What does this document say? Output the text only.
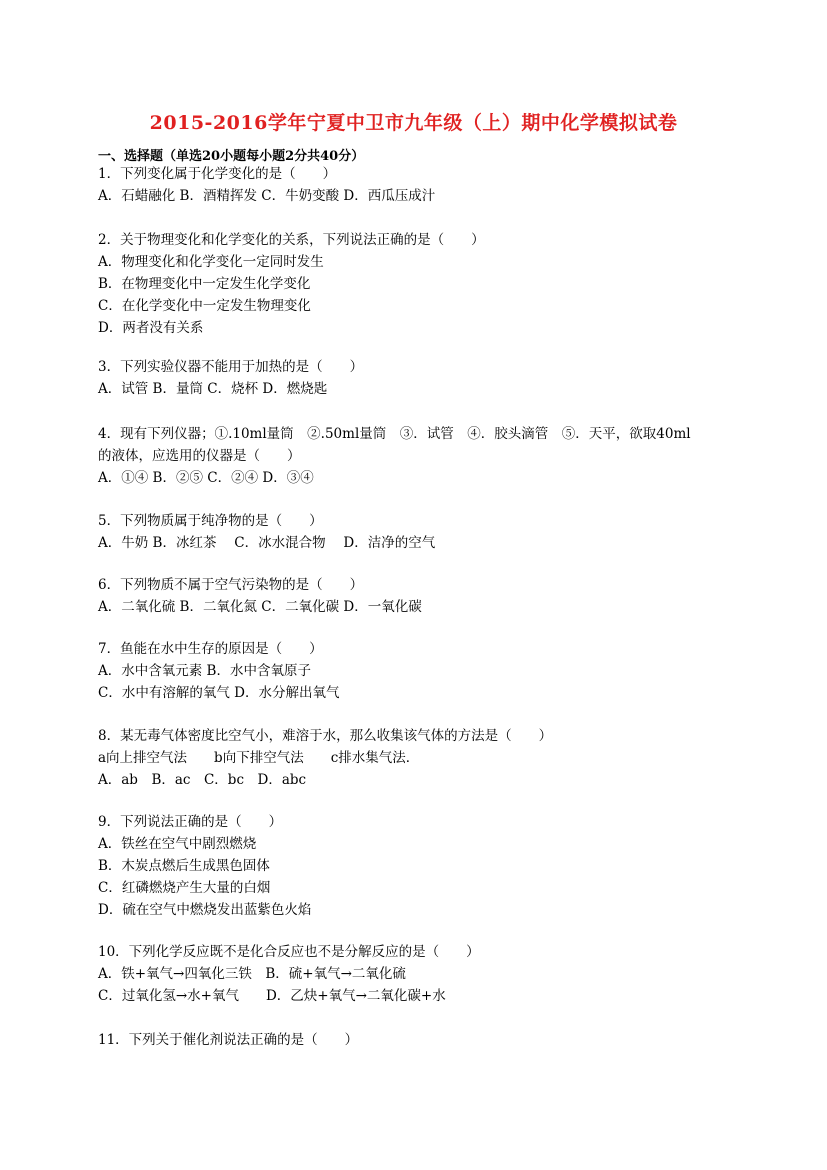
2015-2016学年宁夏中卫市九年级（上）期中化学模拟试卷
一、选择题（单选20小题每小题2分共40分）
1．下列变化属于化学变化的是（　　）
A．石蜡融化 B．酒精挥发 C．牛奶变酸 D．西瓜压成汁
2．关于物理变化和化学变化的关系，下列说法正确的是（　　）
A．物理变化和化学变化一定同时发生
B．在物理变化中一定发生化学变化
C．在化学变化中一定发生物理变化
D．两者没有关系
3．下列实验仪器不能用于加热的是（　　）
A．试管 B．量筒 C．烧杯 D．燃烧匙
4．现有下列仪器；①.10ml量筒　②.50ml量筒　③．试管　④．胶头滴管　⑤．天平，欲取40ml
的液体，应选用的仪器是（　　）
A．①④ B．②⑤ C．②④ D．③④
5．下列物质属于纯净物的是（　　）
A．牛奶 B．冰红茶　 C．冰水混合物　 D．洁净的空气
6．下列物质不属于空气污染物的是（　　）
A．二氧化硫 B．二氧化氮 C．二氧化碳 D．一氧化碳
7．鱼能在水中生存的原因是（　　）
A．水中含氧元素 B．水中含氧原子
C．水中有溶解的氧气 D．水分解出氧气
8．某无毒气体密度比空气小，难溶于水，那么收集该气体的方法是（　　）
a向上排空气法　　b向下排空气法　　c排水集气法．
A．ab　B．ac　C．bc　D．abc
9．下列说法正确的是（　　）
A．铁丝在空气中剧烈燃烧
B．木炭点燃后生成黑色固体
C．红磷燃烧产生大量的白烟
D．硫在空气中燃烧发出蓝紫色火焰
10．下列化学反应既不是化合反应也不是分解反应的是（　　）
A．铁+氧气→四氧化三铁　B．硫+氧气→二氧化硫
C．过氧化氢→水+氧气　　D．乙炔+氧气→二氧化碳+水
11．下列关于催化剂说法正确的是（　　）
